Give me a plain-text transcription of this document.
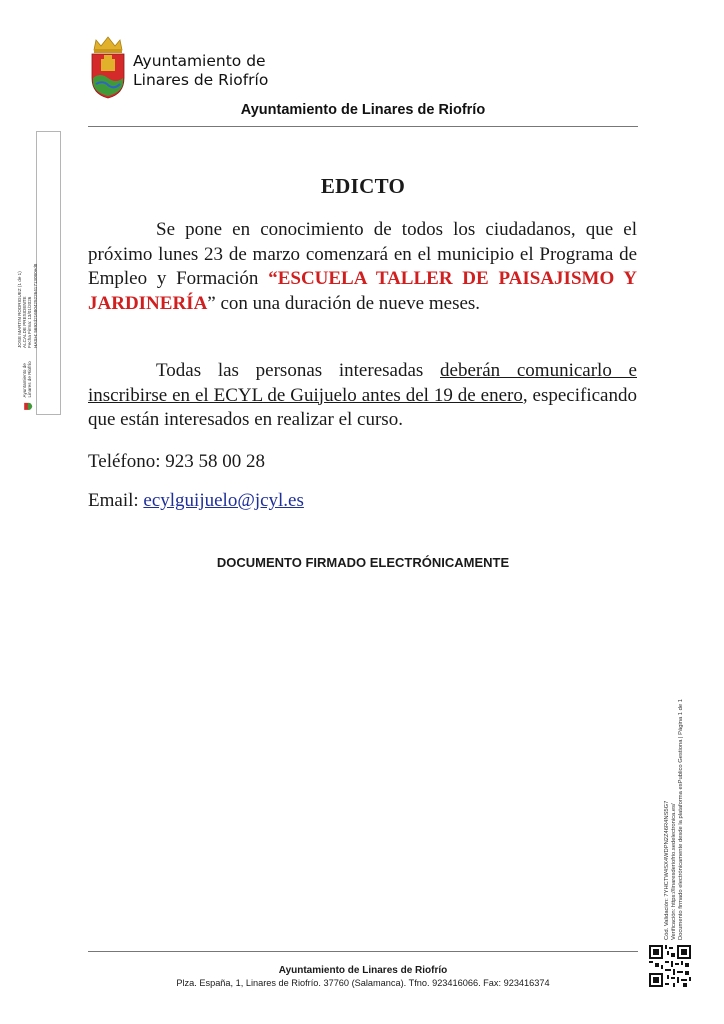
Ayuntamiento de
Linares de Riofrío
Ayuntamiento de Linares de Riofrío
Ayuntamiento de
Linares de Riofrío JOSE MARTIN RODRIGUEZ (1 de 1)
ALCALDE PRESIDENTE
Fecha Firma: 13/01/2026
HASH: 5692d2168042522641713080ed8
EDICTO
Se pone en conocimiento de todos los ciudadanos, que el próximo lunes 23 de marzo comenzará en el municipio el Programa de Empleo y Formación “ESCUELA TALLER DE PAISAJISMO Y JARDINERÍA” con una duración de nueve meses.
Todas las personas interesadas deberán comunicarlo e inscribirse en el ECYL de Guijuelo antes del 19 de enero, especificando que están interesados en realizar el curso.
Teléfono: 923 58 00 28
Email: ecylguijuelo@jcyl.es
DOCUMENTO FIRMADO ELECTRÓNICAMENTE
Cód. Validación: 7YHCTW4SX4WDPN2Z46R4NS5G7 Verificación: https://linaresderiofrio.sedelectronica.es/ Documento firmado electrónicamente desde la plataforma esPublico Gestiona | Página 1 de 1
Ayuntamiento de Linares de Riofrío
Plza. España, 1, Linares de Riofrío. 37760 (Salamanca). Tfno. 923416066. Fax: 923416374
